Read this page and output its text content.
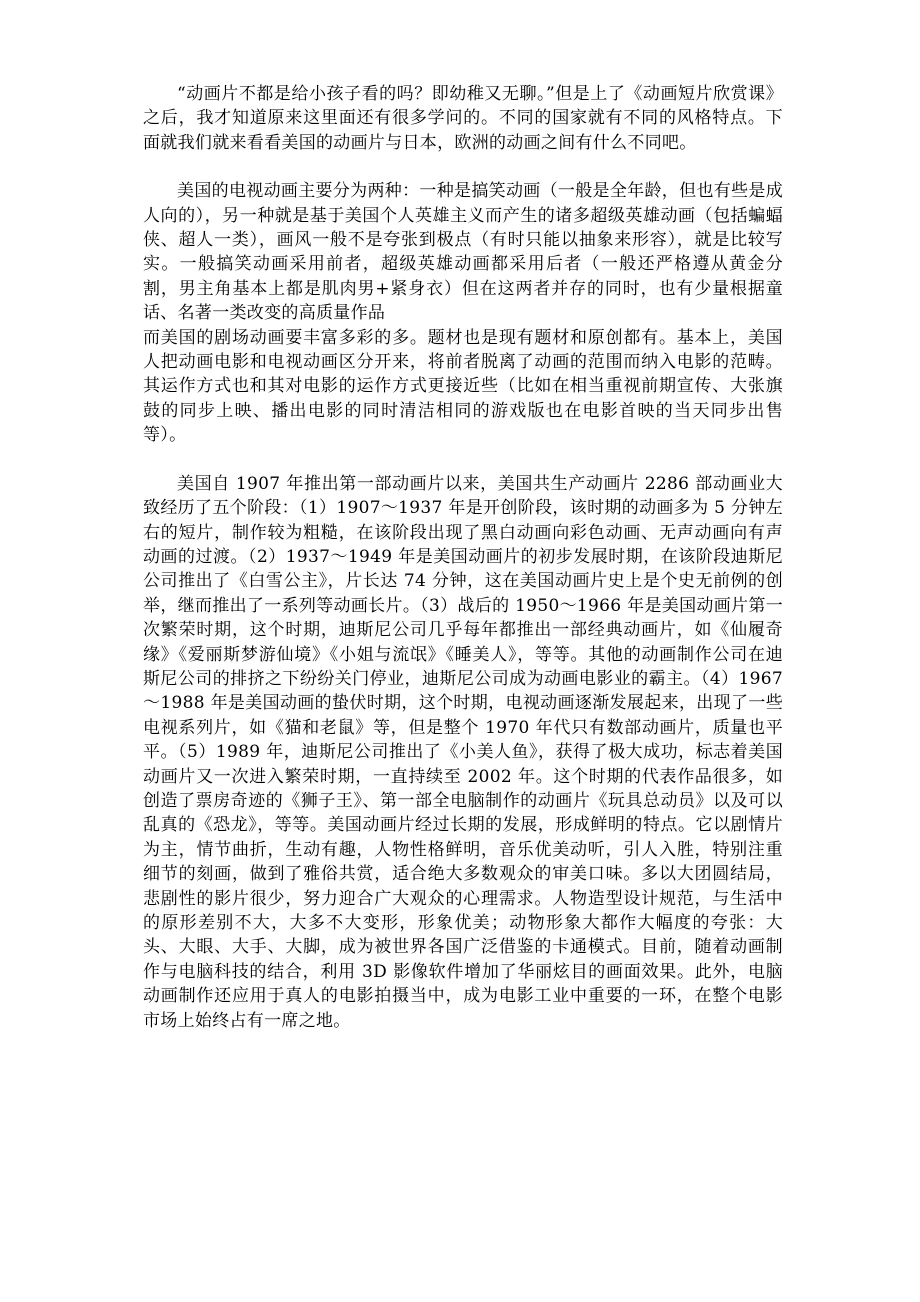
“动画片不都是给小孩子看的吗？即幼稚又无聊。”但是上了《动画短片欣赏课》之后，我才知道原来这里面还有很多学问的。不同的国家就有不同的风格特点。下面就我们就来看看美国的动画片与日本，欧洲的动画之间有什么不同吧。

美国的电视动画主要分为两种：一种是搞笑动画（一般是全年龄，但也有些是成人向的），另一种就是基于美国个人英雄主义而产生的诸多超级英雄动画（包括蝙蝠侠、超人一类），画风一般不是夸张到极点（有时只能以抽象来形容），就是比较写实。一般搞笑动画采用前者，超级英雄动画都采用后者（一般还严格遵从黄金分割，男主角基本上都是肌肉男+紧身衣）但在这两者并存的同时，也有少量根据童话、名著一类改变的高质量作品

而美国的剧场动画要丰富多彩的多。题材也是现有题材和原创都有。基本上，美国人把动画电影和电视动画区分开来，将前者脱离了动画的范围而纳入电影的范畴。其运作方式也和其对电影的运作方式更接近些（比如在相当重视前期宣传、大张旗鼓的同步上映、播出电影的同时清洁相同的游戏版也在电影首映的当天同步出售等）。

美国自 1907 年推出第一部动画片以来，美国共生产动画片 2286 部动画业大致经历了五个阶段：（1）1907～1937 年是开创阶段，该时期的动画多为 5 分钟左右的短片，制作较为粗糙，在该阶段出现了黑白动画向彩色动画、无声动画向有声动画的过渡。（2）1937～1949 年是美国动画片的初步发展时期，在该阶段迪斯尼公司推出了《白雪公主》，片长达 74 分钟，这在美国动画片史上是个史无前例的创举，继而推出了一系列等动画长片。（3）战后的 1950～1966 年是美国动画片第一次繁荣时期，这个时期，迪斯尼公司几乎每年都推出一部经典动画片，如《仙履奇缘》《爱丽斯梦游仙境》《小姐与流氓》《睡美人》，等等。其他的动画制作公司在迪斯尼公司的排挤之下纷纷关门停业，迪斯尼公司成为动画电影业的霸主。（4）1967～1988 年是美国动画的蛰伏时期，这个时期，电视动画逐渐发展起来，出现了一些电视系列片，如《猫和老鼠》等，但是整个 1970 年代只有数部动画片，质量也平平。（5）1989 年，迪斯尼公司推出了《小美人鱼》，获得了极大成功，标志着美国动画片又一次进入繁荣时期，一直持续至 2002 年。这个时期的代表作品很多，如创造了票房奇迹的《狮子王》、第一部全电脑制作的动画片《玩具总动员》以及可以乱真的《恐龙》，等等。美国动画片经过长期的发展，形成鲜明的特点。它以剧情片为主，情节曲折，生动有趣，人物性格鲜明，音乐优美动听，引人入胜，特别注重细节的刻画，做到了雅俗共赏，适合绝大多数观众的审美口味。多以大团圆结局，悲剧性的影片很少，努力迎合广大观众的心理需求。人物造型设计规范，与生活中的原形差别不大，大多不大变形，形象优美；动物形象大都作大幅度的夸张：大头、大眼、大手、大脚，成为被世界各国广泛借鉴的卡通模式。目前，随着动画制作与电脑科技的结合，利用 3D 影像软件增加了华丽炫目的画面效果。此外，电脑动画制作还应用于真人的电影拍摄当中，成为电影工业中重要的一环，在整个电影市场上始终占有一席之地。
